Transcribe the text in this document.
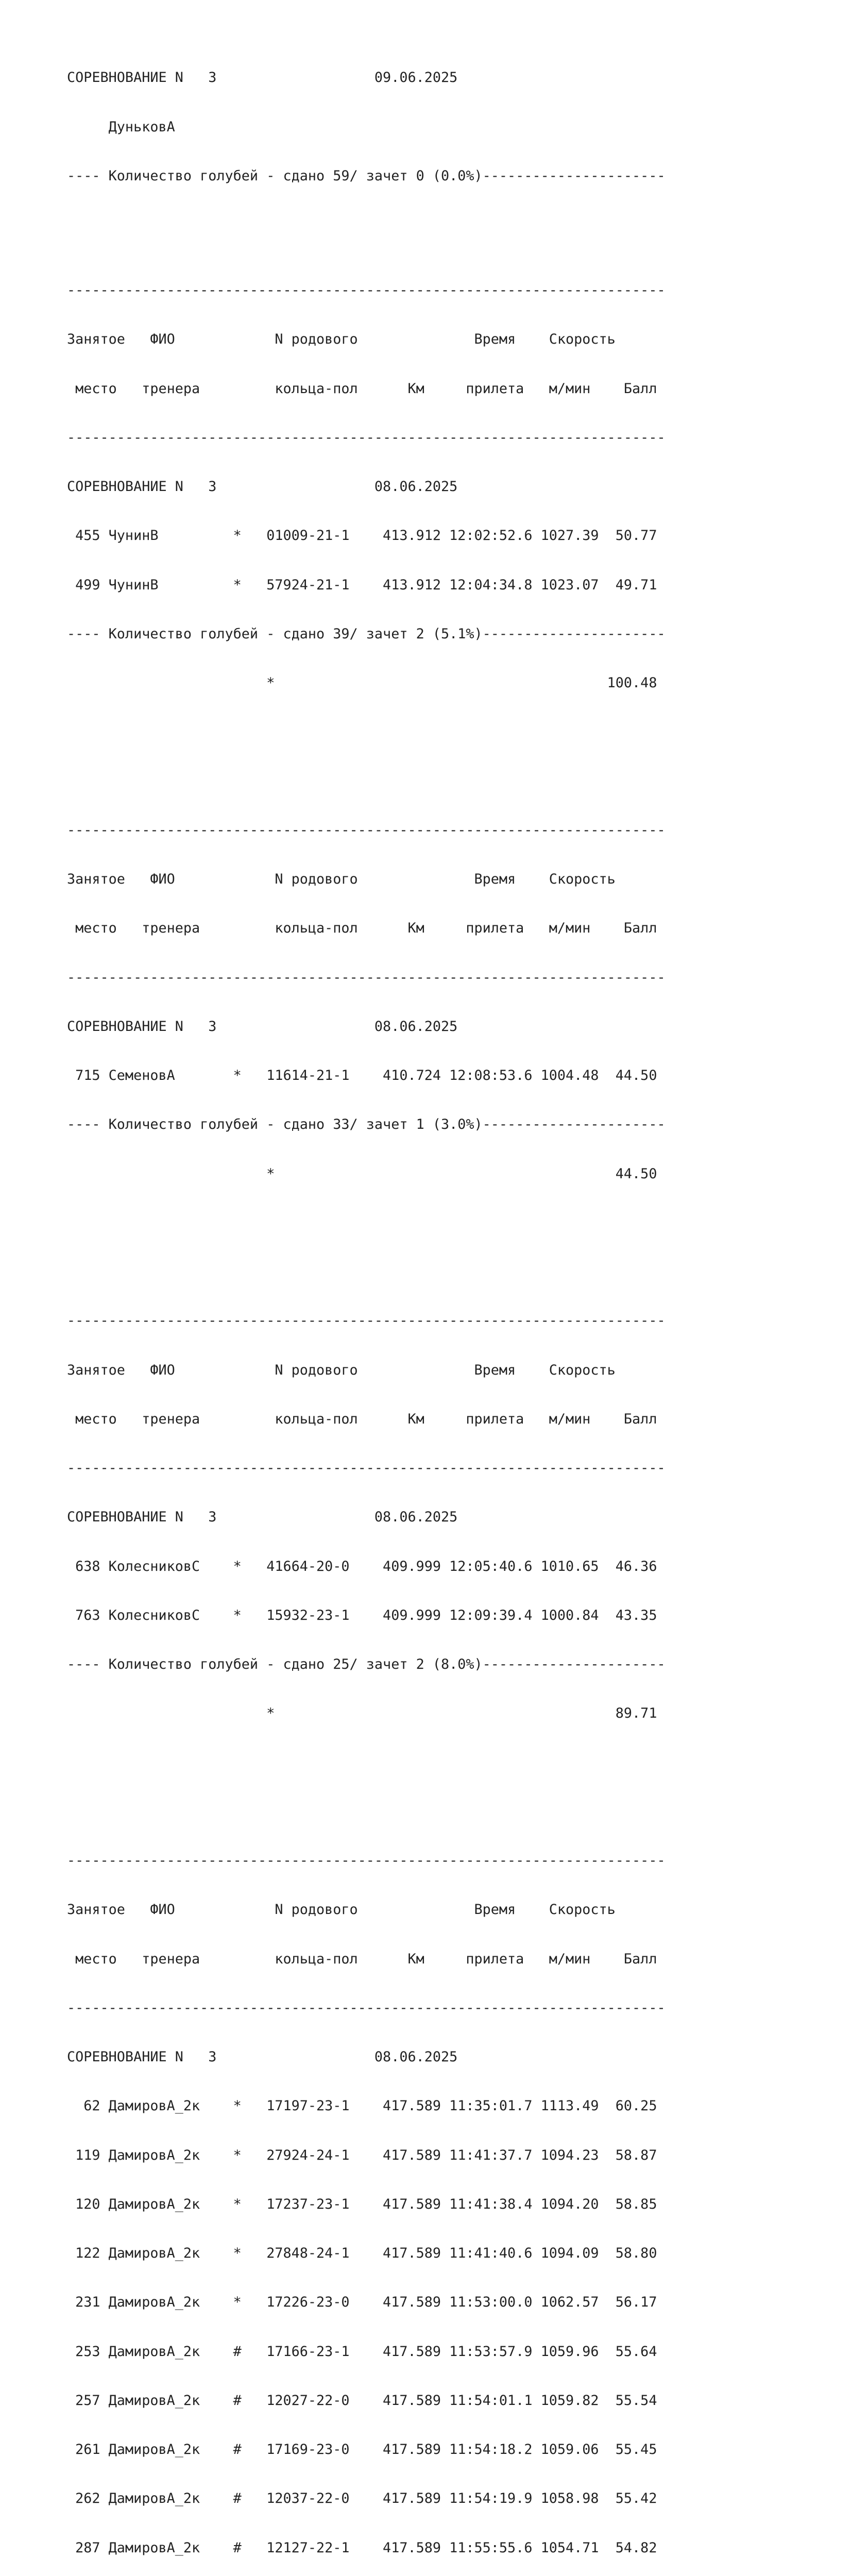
СОРЕВНОВАНИЕ N   3                   09.06.2025

ДуньковА

---- Количество голубей - сдано 59/ зачет 0 (0.0%)----------------------

------------------------------------------------------------------------

Занятое   ФИО            N родового              Время    Скорость

место   тренера         кольца-пол      Км     прилета   м/мин    Балл

------------------------------------------------------------------------

СОРЕВНОВАНИЕ N   3                   08.06.2025

455 ЧунинВ         *   01009-21-1    413.912 12:02:52.6 1027.39  50.77

499 ЧунинВ         *   57924-21-1    413.912 12:04:34.8 1023.07  49.71

---- Количество голубей - сдано 39/ зачет 2 (5.1%)----------------------

*                                        100.48

------------------------------------------------------------------------

Занятое   ФИО            N родового              Время    Скорость

место   тренера         кольца-пол      Км     прилета   м/мин    Балл

------------------------------------------------------------------------

СОРЕВНОВАНИЕ N   3                   08.06.2025

715 СеменовА       *   11614-21-1    410.724 12:08:53.6 1004.48  44.50

---- Количество голубей - сдано 33/ зачет 1 (3.0%)----------------------

*                                         44.50

------------------------------------------------------------------------

Занятое   ФИО            N родового              Время    Скорость

место   тренера         кольца-пол      Км     прилета   м/мин    Балл

------------------------------------------------------------------------

СОРЕВНОВАНИЕ N   3                   08.06.2025

638 КолесниковС    *   41664-20-0    409.999 12:05:40.6 1010.65  46.36

763 КолесниковС    *   15932-23-1    409.999 12:09:39.4 1000.84  43.35

---- Количество голубей - сдано 25/ зачет 2 (8.0%)----------------------

*                                         89.71

------------------------------------------------------------------------

Занятое   ФИО            N родового              Время    Скорость

место   тренера         кольца-пол      Км     прилета   м/мин    Балл

------------------------------------------------------------------------

СОРЕВНОВАНИЕ N   3                   08.06.2025

62 ДамировА_2к    *   17197-23-1    417.589 11:35:01.7 1113.49  60.25

119 ДамировА_2к    *   27924-24-1    417.589 11:41:37.7 1094.23  58.87

120 ДамировА_2к    *   17237-23-1    417.589 11:41:38.4 1094.20  58.85

122 ДамировА_2к    *   27848-24-1    417.589 11:41:40.6 1094.09  58.80

231 ДамировА_2к    *   17226-23-0    417.589 11:53:00.0 1062.57  56.17

253 ДамировА_2к    #   17166-23-1    417.589 11:53:57.9 1059.96  55.64

257 ДамировА_2к    #   12027-22-0    417.589 11:54:01.1 1059.82  55.54

261 ДамировА_2к    #   17169-23-0    417.589 11:54:18.2 1059.06  55.45

262 ДамировА_2к    #   12037-22-0    417.589 11:54:19.9 1058.98  55.42

287 ДамировА_2к    #   12127-22-1    417.589 11:55:55.6 1054.71  54.82
